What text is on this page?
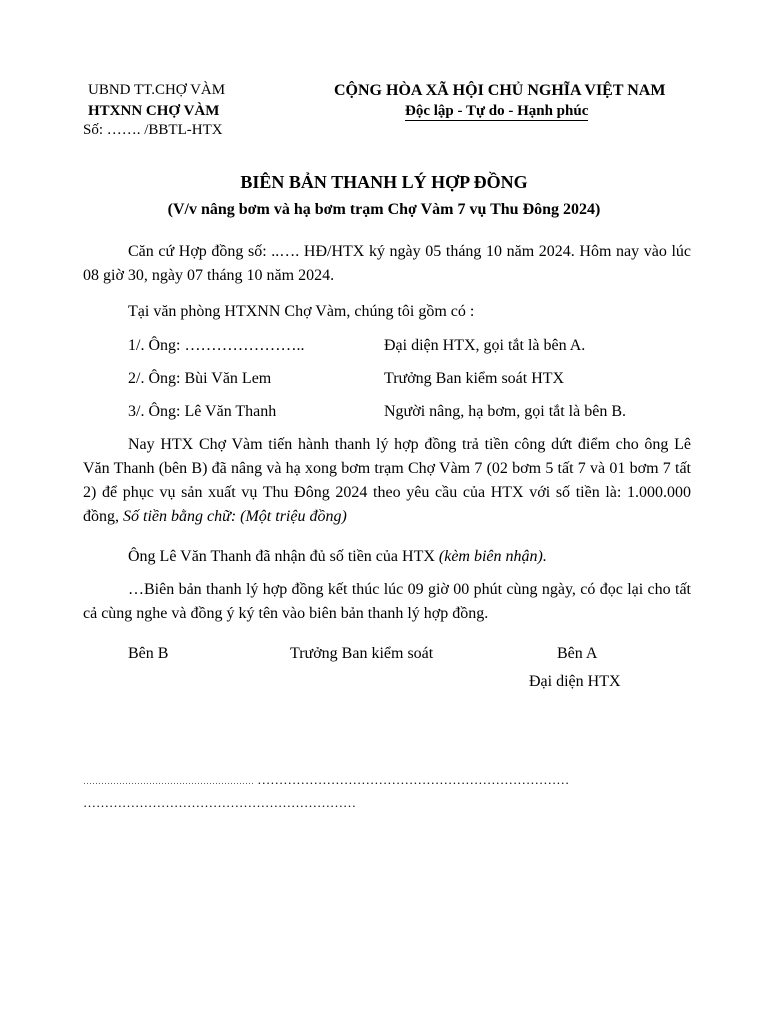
UBND TT.CHỢ VÀM
HTXNN CHỢ VÀM
Số: ……. /BBTL-HTX
CỘNG HÒA XÃ HỘI CHỦ NGHĨA VIỆT NAM
Độc lập - Tự do - Hạnh phúc
BIÊN BẢN THANH LÝ HỢP ĐỒNG
(V/v nâng bơm và hạ bơm trạm Chợ Vàm 7 vụ Thu Đông 2024)
Căn cứ Hợp đồng số: ..…. HĐ/HTX ký ngày 05 tháng 10 năm 2024. Hôm nay vào lúc 08 giờ 30, ngày 07 tháng 10 năm 2024.
Tại văn phòng HTXNN Chợ Vàm, chúng tôi gồm có :
1/. Ông: …………………..	Đại diện HTX, gọi tắt là bên A.
2/. Ông: Bùi Văn Lem	Trưởng Ban kiểm soát HTX
3/. Ông: Lê Văn Thanh	Người nâng, hạ bơm, gọi tắt là bên B.
Nay HTX Chợ Vàm tiến hành thanh lý hợp đồng trả tiền công dứt điểm cho ông Lê Văn Thanh (bên B) đã nâng và hạ xong bơm trạm Chợ Vàm 7 (02 bơm 5 tất 7 và 01 bơm 7 tất 2) để phục vụ sản xuất vụ Thu Đông 2024 theo yêu cầu của HTX với số tiền là: 1.000.000 đồng, Số tiền bằng chữ: (Một triệu đồng)
Ông Lê Văn Thanh đã nhận đủ số tiền của HTX (kèm biên nhận).
…Biên bản thanh lý hợp đồng kết thúc lúc 09 giờ 00 phút cùng ngày, có đọc lại cho tất cả cùng nghe và đồng ý ký tên vào biên bản thanh lý hợp đồng.
Bên B	Trưởng Ban kiểm soát	Bên A
Đại diện HTX
………………………………………………… ………………………………………………………………
………………………………………………………
